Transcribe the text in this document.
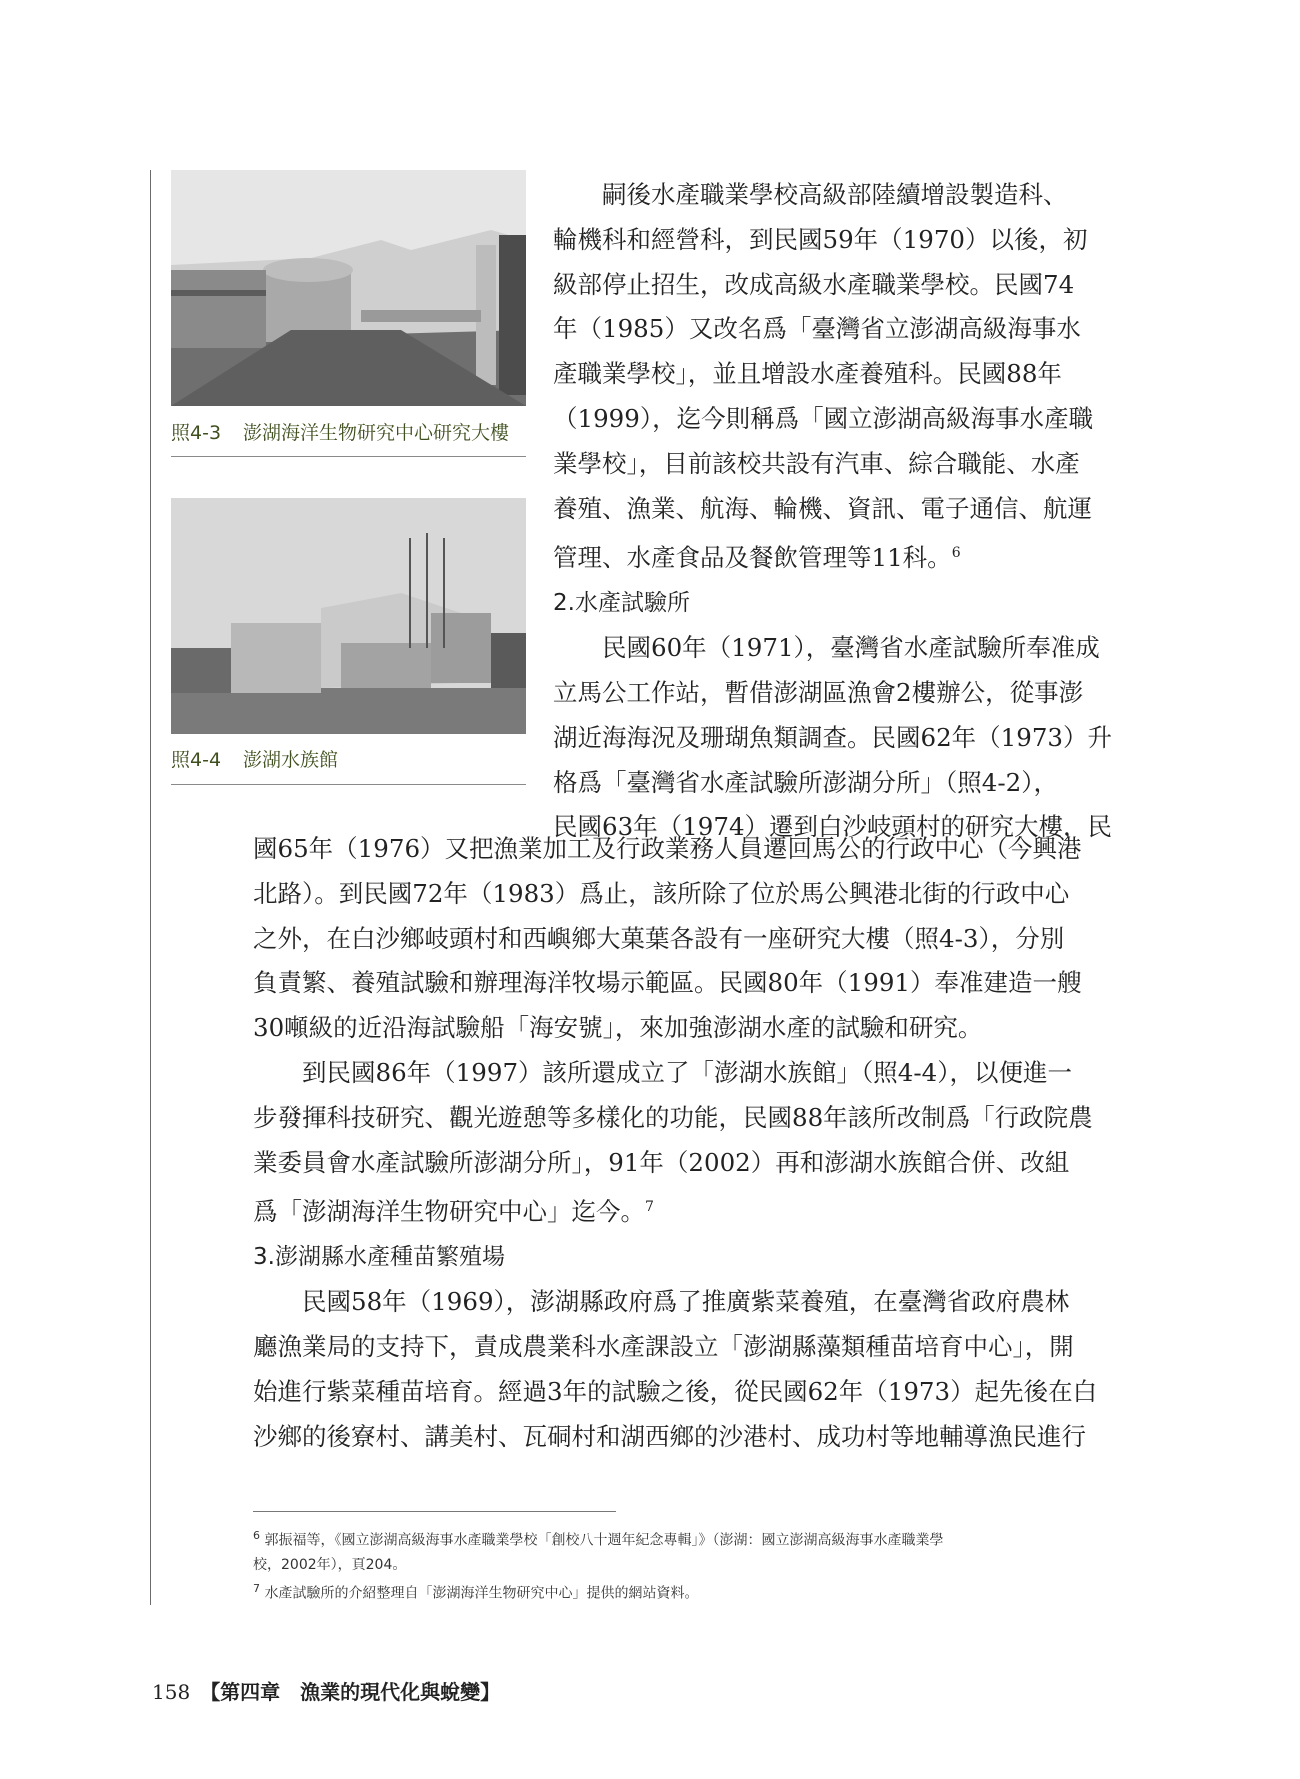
照4-3 澎湖海洋生物研究中心研究大樓
照4-4 澎湖水族館

嗣後水產職業學校高級部陸續增設製造科、

輪機科和經營科，到民國59年（1970）以後，初

級部停止招生，改成高級水產職業學校。民國74

年（1985）又改名爲「臺灣省立澎湖高級海事水

產職業學校」，並且增設水產養殖科。民國88年

（1999），迄今則稱爲「國立澎湖高級海事水產職

業學校」，目前該校共設有汽車、綜合職能、水產

養殖、漁業、航海、輪機、資訊、電子通信、航運

管理、水產食品及餐飲管理等11科。$^6$

2.水產試驗所

民國60年（1971），臺灣省水產試驗所奉准成

立馬公工作站，暫借澎湖區漁會2樓辦公，從事澎

湖近海海況及珊瑚魚類調查。民國62年（1973）升

格爲「臺灣省水產試驗所澎湖分所」（照4-2），

民國63年（1974）遷到白沙岐頭村的研究大樓，民

國65年（1976）又把漁業加工及行政業務人員遷回馬公的行政中心（今興港

北路）。到民國72年（1983）爲止，該所除了位於馬公興港北街的行政中心

之外，在白沙鄉岐頭村和西嶼鄉大菓葉各設有一座研究大樓（照4-3），分別

負責繁、養殖試驗和辦理海洋牧場示範區。民國80年（1991）奉准建造一艘

30噸級的近沿海試驗船「海安號」，來加強澎湖水產的試驗和研究。

到民國86年（1997）該所還成立了「澎湖水族館」（照4-4），以便進一

步發揮科技研究、觀光遊憩等多樣化的功能，民國88年該所改制爲「行政院農

業委員會水產試驗所澎湖分所」，91年（2002）再和澎湖水族館合併、改組

爲「澎湖海洋生物研究中心」迄今。$^7$

3.澎湖縣水產種苗繁殖場

民國58年（1969），澎湖縣政府爲了推廣紫菜養殖，在臺灣省政府農林

廳漁業局的支持下，責成農業科水產課設立「澎湖縣藻類種苗培育中心」，開

始進行紫菜種苗培育。經過3年的試驗之後，從民國62年（1973）起先後在白

沙鄉的後寮村、講美村、瓦硐村和湖西鄉的沙港村、成功村等地輔導漁民進行

$^6$ 郭振福等，《國立澎湖高級海事水產職業學校「創校八十週年紀念專輯」》（澎湖：國立澎湖高級海事水產職業學

校，2002年），頁204。

$^7$ 水產試驗所的介紹整理自「澎湖海洋生物研究中心」提供的網站資料。

158 【第四章　漁業的現代化與蛻變】
